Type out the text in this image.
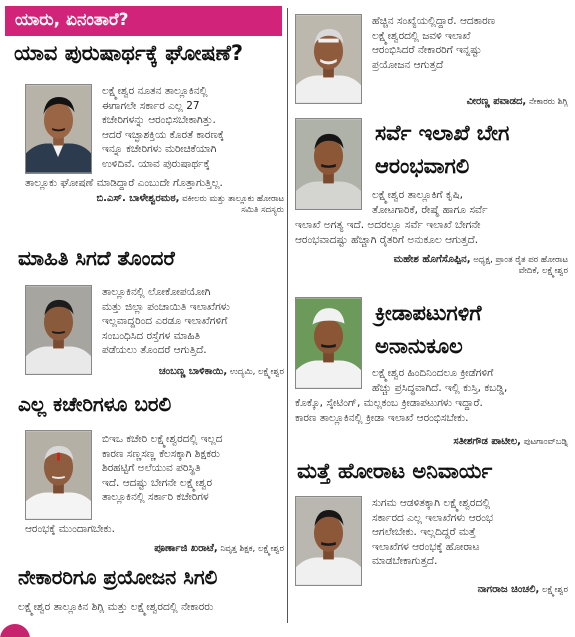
ಯಾರು, ಏನಂತಾರೆ?
ಯಾವ ಪುರುಷಾರ್ಥಕ್ಕೆ ಘೋಷಣೆ?

ಲಕ್ಷ್ಮೇಶ್ವರ ನೂತನ ತಾಲ್ಲೂಕಿನಲ್ಲಿ

ಈಗಾಗಲೇ ಸರ್ಕಾರ ಎಲ್ಲ 27

ಕಚೇರಿಗಳನ್ನು ಆರಂಭಿಸಬೇಕಾಗಿತ್ತು.

ಆದರೆ ಇಚ್ಛಾಶಕ್ತಿಯ ಕೊರತೆ ಕಾರಣಕ್ಕೆ

ಇನ್ನೂ ಕಚೇರಿಗಳು ಮರೀಚಿಕೆಯಾಗಿ

ಉಳಿದಿವೆ. ಯಾವ ಪುರುಷಾರ್ಥಕ್ಕೆ

ತಾಲ್ಲೂಕು ಘೋಷಣೆ ಮಾಡಿದ್ದಾರೆ ಎಂಬುದೇ ಗೊತ್ತಾಗುತ್ತಿಲ್ಲ.

ಬಿ.ಎಸ್‌. ಬಾಳೇಶ್ವರಮಠ, ವಕೀಲರು ಮತ್ತು ತಾಲ್ಲೂಕು ಹೋರಾಟ
ಸಮಿತಿ ಸದಸ್ಯರು
ಮಾಹಿತಿ ಸಿಗದೆ ತೊಂದರೆ

ತಾಲ್ಲೂಕಿನಲ್ಲಿ ಲೋಕೋಪಯೋಗಿ

ಮತ್ತು ಜಿಲ್ಲಾ ಪಂಚಾಯಿತಿ ಇಲಾಖೆಗಳು

ಇಲ್ಲವಾದ್ದರಿಂದ ಎರಡೂ ಇಲಾಖೆಗಳಿಗೆ

ಸಂಬಂಧಿಸಿದ ರಸ್ತೆಗಳ ಮಾಹಿತಿ

ಪಡೆಯಲು ತೊಂದರೆ ಆಗುತ್ತಿದೆ.

ಚಂಬಣ್ಣ ಬಾಳಿಕಾಯಿ, ಉದ್ಯಮಿ, ಲಕ್ಷ್ಮೇಶ್ವರ
ಎಲ್ಲ ಕಚೇರಿಗಳೂ ಬರಲಿ

ಬಿಇಒ ಕಚೇರಿ ಲಕ್ಷ್ಮೇಶ್ವರದಲ್ಲಿ ಇಲ್ಲದ

ಕಾರಣ ಸಣ್ಣಸಣ್ಣ ಕೆಲಸಕ್ಕಾಗಿ ಶಿಕ್ಷಕರು

ಶಿರಹಟ್ಟಿಗೆ ಅಲೆಯುವ ಪರಿಸ್ಥಿತಿ

ಇದೆ. ಆದಷ್ಟು ಬೇಗನೇ ಲಕ್ಷ್ಮೇಶ್ವರ

ತಾಲ್ಲೂಕಿನಲ್ಲಿ ಸರ್ಕಾರಿ ಕಚೇರಿಗಳ

ಆರಂಭಕ್ಕೆ ಮುಂದಾಗಬೇಕು.

ಪೂರ್ಣಾಜಿ ಖರಾಟೆ, ನಿವೃತ್ತ ಶಿಕ್ಷಕ, ಲಕ್ಷ್ಮೇಶ್ವರ
ನೇಕಾರರಿಗೂ ಪ್ರಯೋಜನ ಸಿಗಲಿ

ಲಕ್ಷ್ಮೇಶ್ವರ ತಾಲ್ಲೂಕಿನ ಶಿಗ್ಲಿ ಮತ್ತು ಲಕ್ಷ್ಮೇಶ್ವರದಲ್ಲಿ ನೇಕಾರರು

ಹೆಚ್ಚಿನ ಸಂಖ್ಯೆಯಲ್ಲಿದ್ದಾರೆ. ಆದಕಾರಣ

ಲಕ್ಷ್ಮೇಶ್ವರದಲ್ಲಿ ಜವಳಿ ಇಲಾಖೆ

ಆರಂಭಿಸಿದರೆ ನೇಕಾರರಿಗೆ ಇನ್ನಷ್ಟು

ಪ್ರಯೋಜನ ಆಗುತ್ತದೆ

ವೀರಣ್ಣ ಪವಾಡದ, ನೇಕಾರರು ಶಿಗ್ಲಿ
ಸರ್ವೆ ಇಲಾಖೆ ಬೇಗ
ಆರಂಭವಾಗಲಿ

ಲಕ್ಷ್ಮೇಶ್ವರ ತಾಲ್ಲೂಕಿಗೆ ಕೃಷಿ,

ತೋಟಗಾರಿಕೆ, ರೇಷ್ಮೆ ಹಾಗೂ ಸರ್ವೆ

ಇಲಾಖೆ ಅಗತ್ಯ ಇದೆ. ಅದರಲ್ಲೂ ಸರ್ವೆ ಇಲಾಖೆ ಬೇಗನೇ

ಆರಂಭವಾದಷ್ಟು ಹೆಚ್ಚಾಗಿ ರೈತರಿಗೆ ಅನುಕೂಲ ಆಗುತ್ತದೆ.

ಮಹೇಶ ಹೊಗೆಸೊಪ್ಪಿನ, ಅಧ್ಯಕ್ಷ, ಪ್ರಾಂತ ರೈತ ಪರ ಹೋರಾಟ
ವೇದಿಕೆ, ಲಕ್ಷ್ಮೇಶ್ವರ
ಕ್ರೀಡಾಪಟುಗಳಿಗೆ
ಅನಾನುಕೂಲ

ಲಕ್ಷ್ಮೇಶ್ವರ ಹಿಂದಿನಿಂದಲೂ ಕ್ರೀಡೆಗಳಿಗೆ

ಹೆಚ್ಚು ಪ್ರಸಿದ್ಧವಾಗಿದೆ. ಇಲ್ಲಿ ಕುಸ್ತಿ, ಕಬಡ್ಡಿ,

ಕೊಕ್ಕೊ, ಸ್ಕೇಟಿಂಗ್‌, ಮಲ್ಲಕಂಬ ಕ್ರೀಡಾಪಟುಗಳು ಇದ್ದಾರೆ.

ಕಾರಣ ತಾಲ್ಲೂಕಿನಲ್ಲಿ ಕ್ರೀಡಾ ಇಲಾಖೆ ಆರಂಭಿಸಬೇಕು.

ಸತೀಶಗೌಡ ಪಾಟೀಲ, ಪುಟಗಾಂವ್‌ಬಡ್ನಿ
ಮತ್ತೆ ಹೋರಾಟ ಅನಿವಾರ್ಯ

ಸುಗಮ ಆಡಳಿತಕ್ಕಾಗಿ ಲಕ್ಷ್ಮೇಶ್ವರದಲ್ಲಿ

ಸರ್ಕಾರದ ಎಲ್ಲ ಇಲಾಖೆಗಳು ಆರಂಭ

ಆಗಲೇಬೇಕು. ಇಲ್ಲದಿದ್ದರೆ ಮತ್ತೆ

ಇಲಾಖೆಗಳ ಆರಂಭಕ್ಕೆ ಹೋರಾಟ

ಮಾಡಬೇಕಾಗುತ್ತದೆ.

ನಾಗರಾಜ ಚಿಂಚಲಿ, ಲಕ್ಷ್ಮೇಶ್ವರ
